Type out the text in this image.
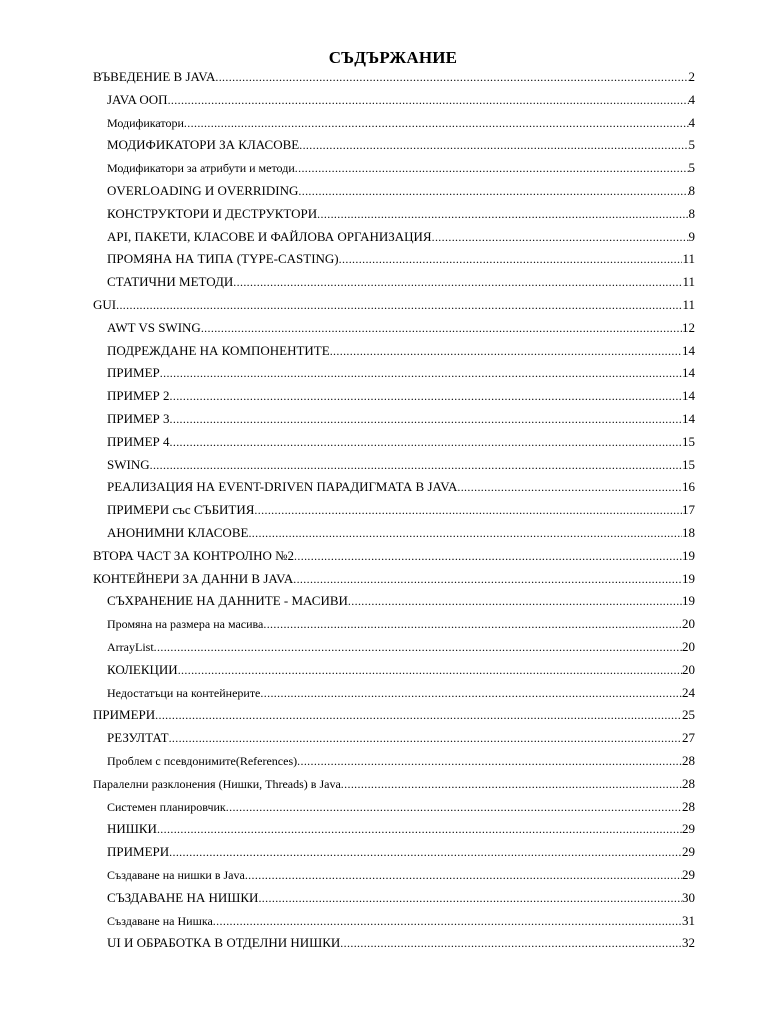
СЪДЪРЖАНИЕ
ВЪВЕДЕНИЕ В JAVA .....	2
JAVA ООП .....	4
Модификатори .....	4
МОДИФИКАТОРИ ЗА КЛАСОВЕ .....	5
Модификатори за атрибути и методи .....	5
OVERLOADING И OVERRIDING .....	8
КОНСТРУКТОРИ И ДЕСТРУКТОРИ .....	8
API, ПАКЕТИ, КЛАСОВЕ И ФАЙЛОВА ОРГАНИЗАЦИЯ .....	9
ПРОМЯНА НА ТИПА (TYPE-CASTING) .....	11
СТАТИЧНИ МЕТОДИ .....	11
GUI .....	11
AWT VS SWING .....	12
ПОДРЕЖДАНЕ НА КОМПОНЕНТИТЕ .....	14
ПРИМЕР .....	14
ПРИМЕР 2 .....	14
ПРИМЕР 3 .....	14
ПРИМЕР 4 .....	15
SWING .....	15
РЕАЛИЗАЦИЯ НА EVENT-DRIVEN ПАРАДИГМАТА В JAVA .....	16
ПРИМЕРИ със СЪБИТИЯ .....	17
АНОНИМНИ КЛАСОВЕ .....	18
ВТОРА ЧАСТ ЗА КОНТРОЛНО №2 .....	19
КОНТЕЙНЕРИ ЗА ДАННИ В JAVA .....	19
СЪХРАНЕНИЕ НА ДАННИТЕ - МАСИВИ .....	19
Промяна на размера на масива .....	20
ArrayList .....	20
КОЛЕКЦИИ .....	20
Недостатъци на контейнерите .....	24
ПРИМЕРИ .....	25
РЕЗУЛТАТ .....	27
Проблем с псевдонимите(References) .....	28
Паралелни разклонения (Нишки, Threads) в Java .....	28
Системен планировчик .....	28
НИШКИ .....	29
ПРИМЕРИ .....	29
Създаване на нишки в Java .....	29
СЪЗДАВАНЕ НА НИШКИ .....	30
Създаване на Нишка .....	31
UI И ОБРАБОТКА В ОТДЕЛНИ НИШКИ .....	32
